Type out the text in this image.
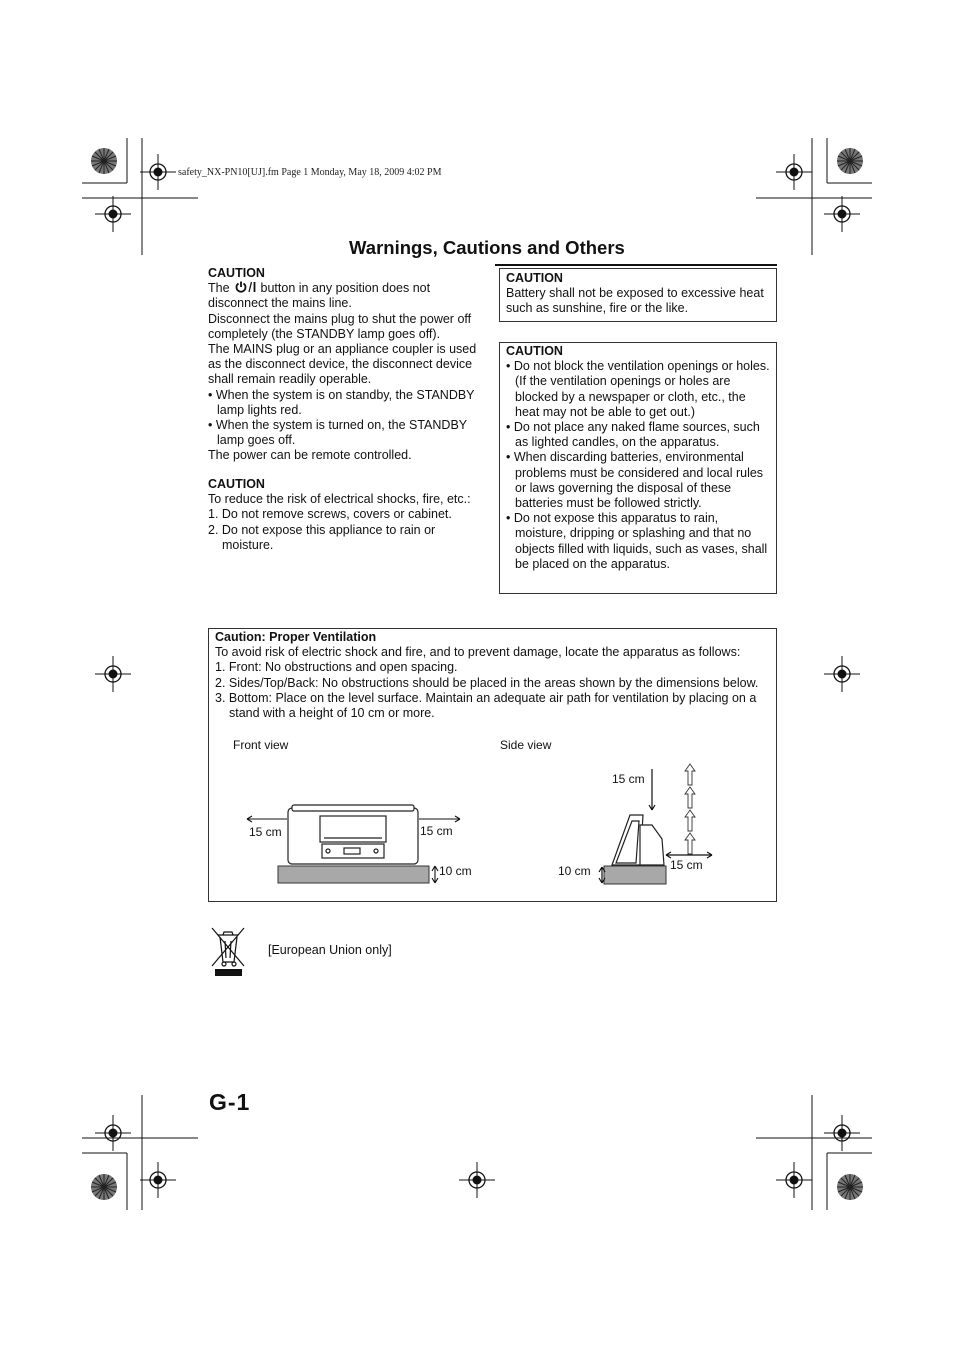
safety_NX-PN10[UJ].fm Page 1 Monday, May 18, 2009 4:02 PM
Warnings, Cautions and Others
CAUTION
The button in any position does not disconnect the mains line.
Disconnect the mains plug to shut the power off completely (the STANDBY lamp goes off).
The MAINS plug or an appliance coupler is used as the disconnect device, the disconnect device shall remain readily operable.
• When the system is on standby, the STANDBY lamp lights red.
• When the system is turned on, the STANDBY lamp goes off.
The power can be remote controlled.
CAUTION
To reduce the risk of electrical shocks, fire, etc.:
1. Do not remove screws, covers or cabinet.
2. Do not expose this appliance to rain or moisture.
CAUTION
Battery shall not be exposed to excessive heat such as sunshine, fire or the like.
CAUTION
• Do not block the ventilation openings or holes.
(If the ventilation openings or holes are blocked by a newspaper or cloth, etc., the heat may not be able to get out.)
• Do not place any naked flame sources, such as lighted candles, on the apparatus.
• When discarding batteries, environmental problems must be considered and local rules or laws governing the disposal of these batteries must be followed strictly.
• Do not expose this apparatus to rain, moisture, dripping or splashing and that no objects filled with liquids, such as vases, shall be placed on the apparatus.
Caution: Proper Ventilation
To avoid risk of electric shock and fire, and to prevent damage, locate the apparatus as follows:
1. Front: No obstructions and open spacing.
2. Sides/Top/Back: No obstructions should be placed in the areas shown by the dimensions below.
3. Bottom: Place on the level surface. Maintain an adequate air path for ventilation by placing on a stand with a height of 10 cm or more.
Front view	Side view
15 cm	15 cm
10 cm
15 cm
15 cm
10 cm
[European Union only]
G-1
